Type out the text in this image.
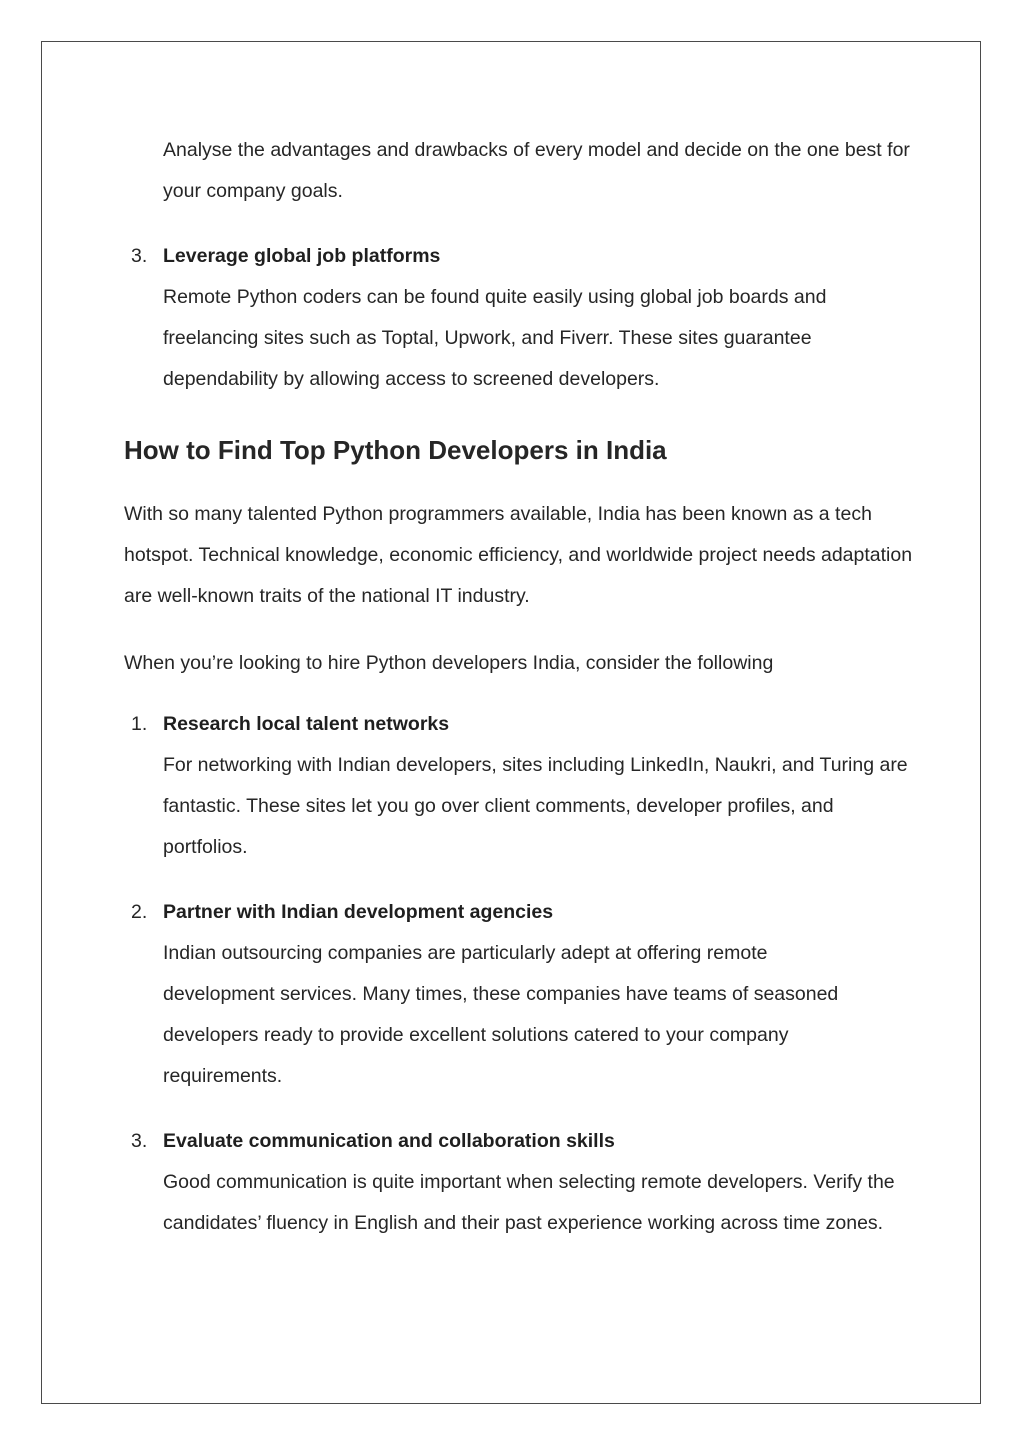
Analyse the advantages and drawbacks of every model and decide on the one best for your company goals.

3. Leverage global job platforms

Remote Python coders can be found quite easily using global job boards and freelancing sites such as Toptal, Upwork, and Fiverr. These sites guarantee dependability by allowing access to screened developers.

How to Find Top Python Developers in India

With so many talented Python programmers available, India has been known as a tech hotspot. Technical knowledge, economic efficiency, and worldwide project needs adaptation are well-known traits of the national IT industry.

When you’re looking to hire Python developers India, consider the following

1. Research local talent networks

For networking with Indian developers, sites including LinkedIn, Naukri, and Turing are fantastic. These sites let you go over client comments, developer profiles, and portfolios.

2. Partner with Indian development agencies

Indian outsourcing companies are particularly adept at offering remote development services. Many times, these companies have teams of seasoned developers ready to provide excellent solutions catered to your company requirements.

3. Evaluate communication and collaboration skills

Good communication is quite important when selecting remote developers. Verify the candidates’ fluency in English and their past experience working across time zones.
